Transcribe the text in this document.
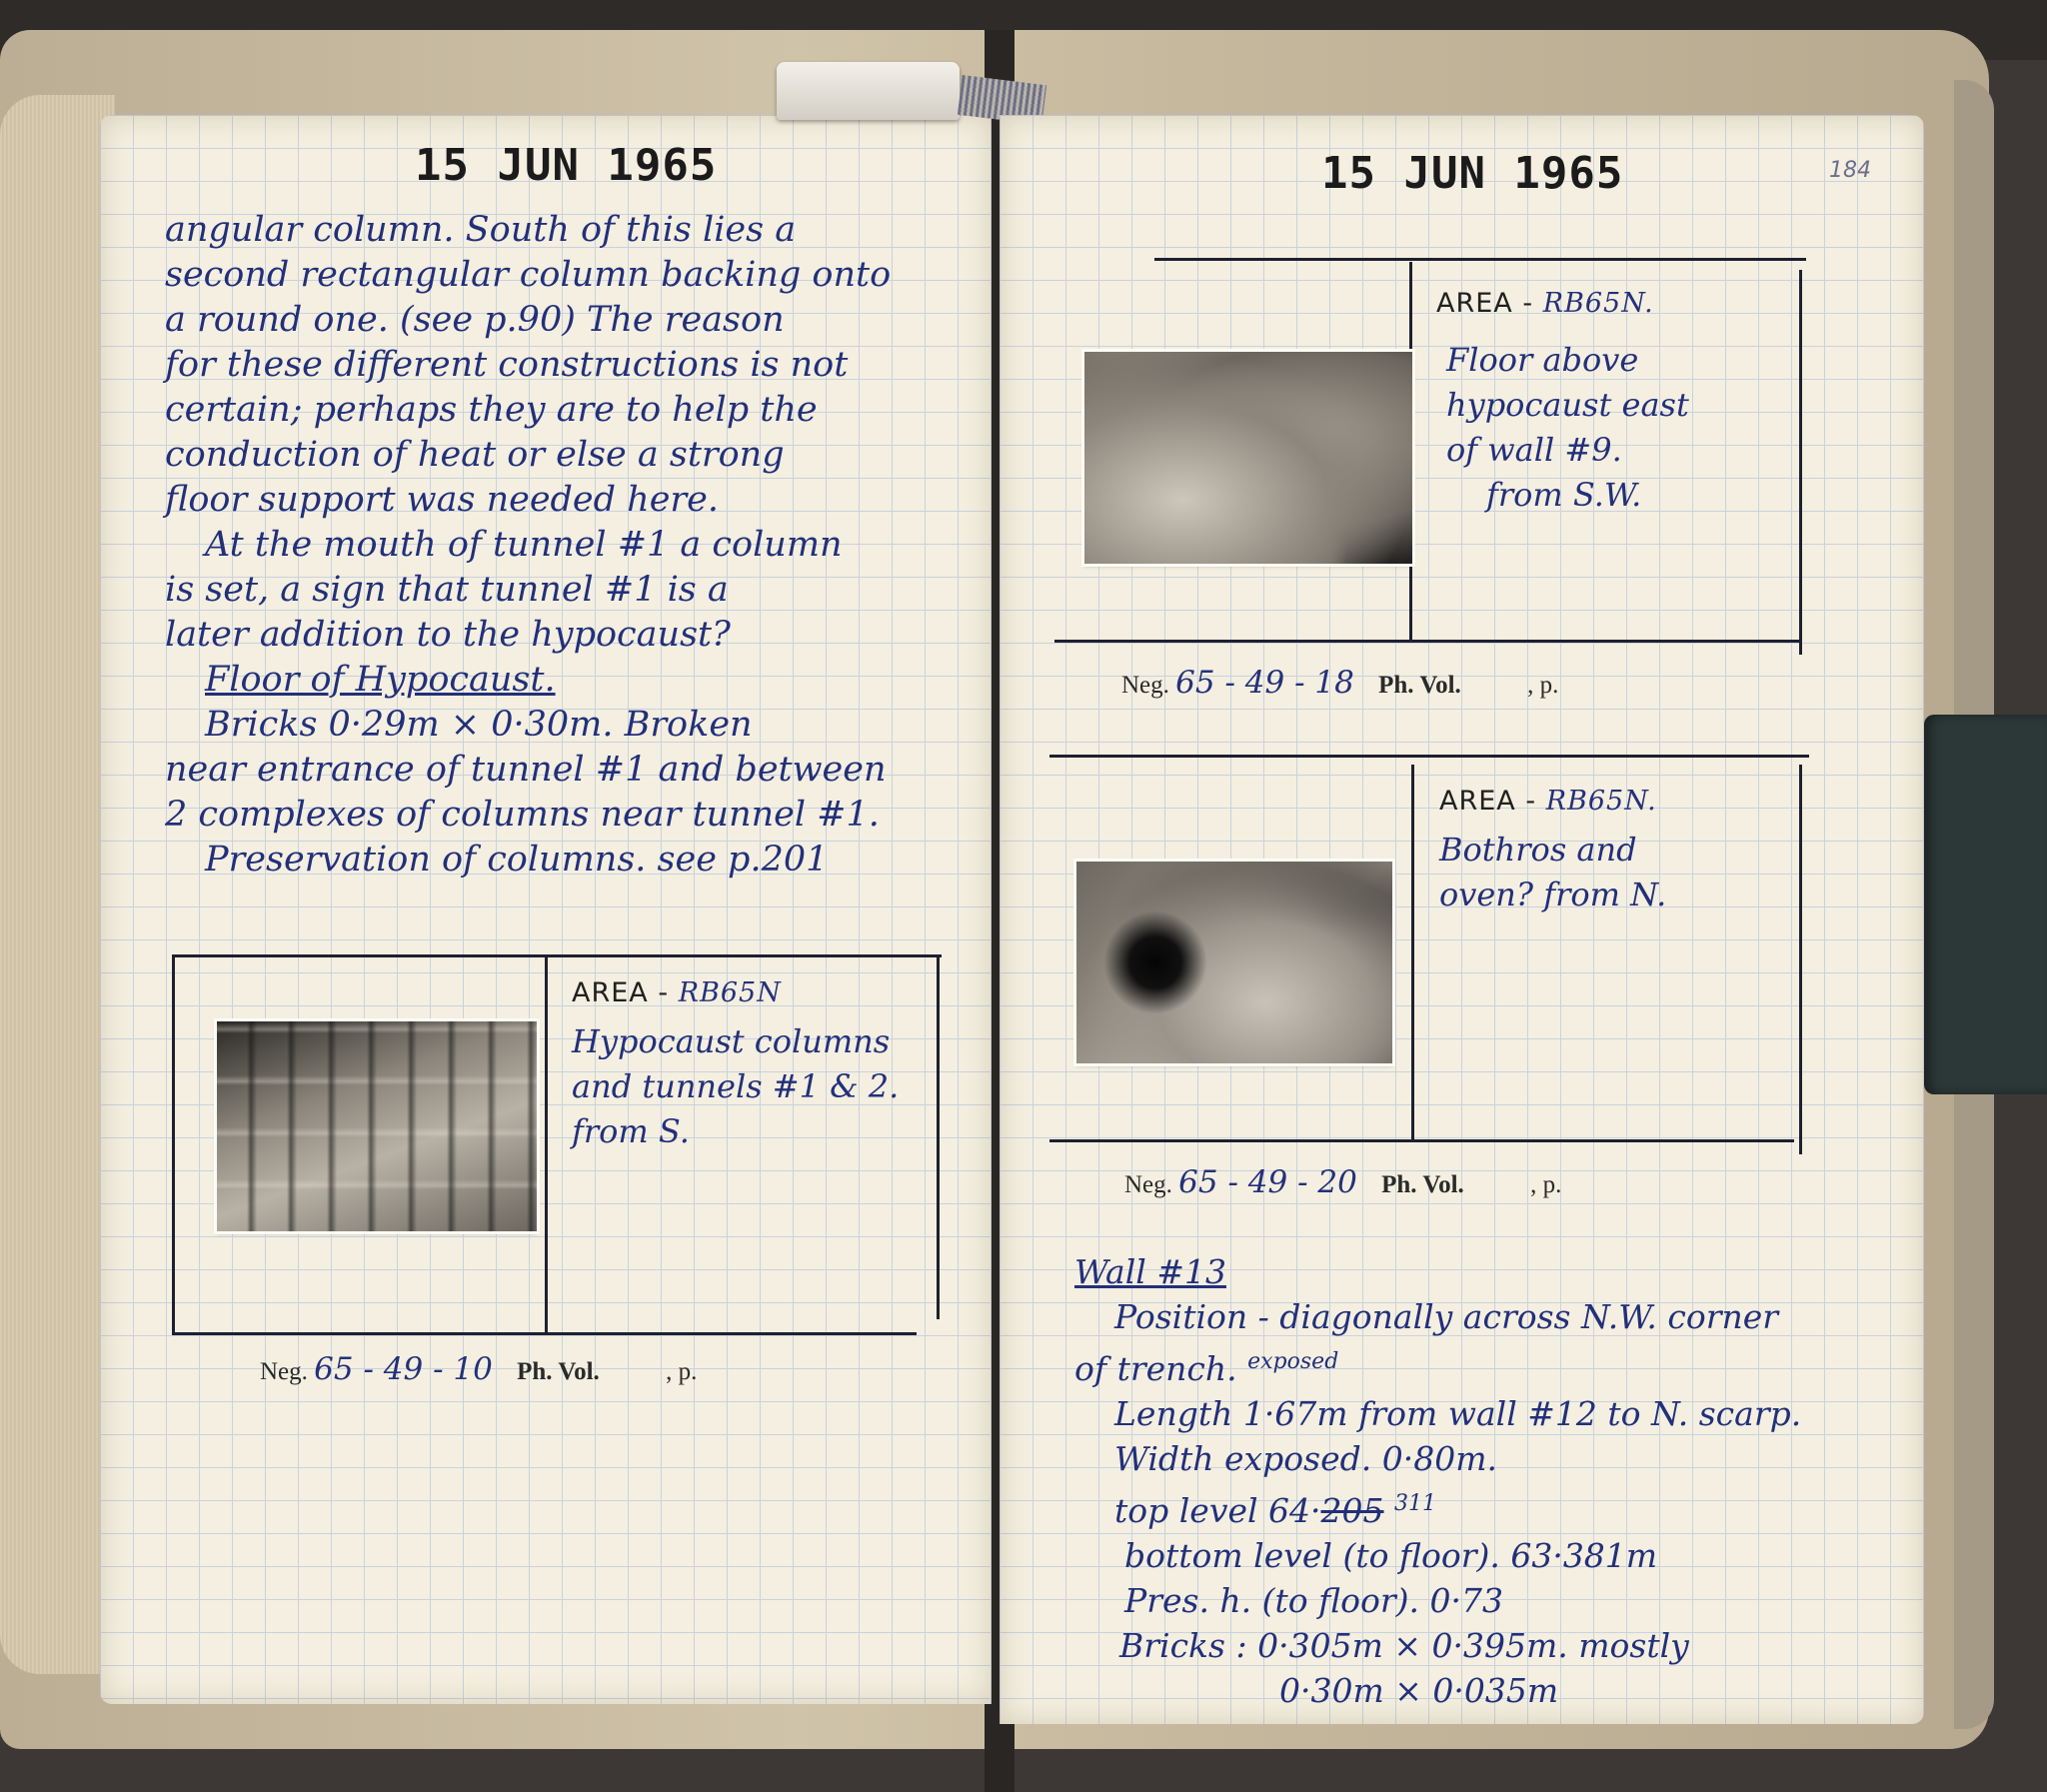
15 JUN 1965

angular column. South of this lies a

second rectangular column backing onto

a round one. (see p.90) The reason

for these different constructions is not

certain; perhaps they are to help the

conduction of heat or else a strong

floor support was needed here.

At the mouth of tunnel #1 a column

is set, a sign that tunnel #1 is a

later addition to the hypocaust?

Floor of Hypocaust.

Bricks 0·29m × 0·30m. Broken

near entrance of tunnel #1 and between

2 complexes of columns near tunnel #1.

Preservation of columns. see p.201

AREA - RB65N

Hypocaust columns

and tunnels #1 & 2.

from S.

Neg. 65 - 49 - 10 Ph. Vol.	, p.
15 JUN 1965	184

AREA - RB65N.

Floor above

hypocaust east

of wall #9.

from S.W.

Neg. 65 - 49 - 18 Ph. Vol.	, p.

AREA - RB65N.

Bothros and

oven? from N.

Neg. 65 - 49 - 20 Ph. Vol.	, p.

Wall #13

Position - diagonally across N.W. corner

of trench. $^{exposed}$

Length 1·67m from wall #12 to N. scarp.

Width exposed. 0·80m.

top level 64·205 $^{311}$

bottom level (to floor). 63·381m

Pres. h. (to floor). 0·73

Bricks : 0·305m × 0·395m. mostly

0·30m × 0·035m
